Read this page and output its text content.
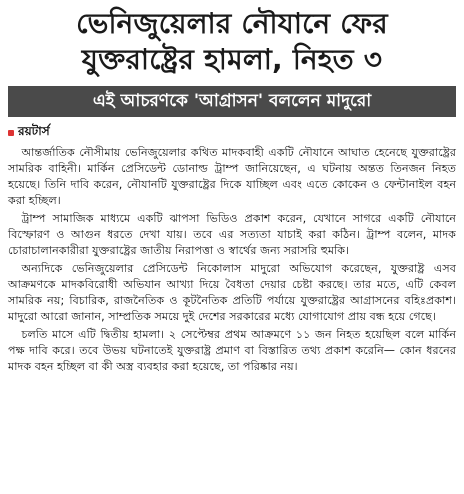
ভেনিজুয়েলার নৌযানে ফের
যুক্তরাষ্ট্রের হামলা, নিহত ৩
এই আচরণকে 'আগ্রাসন' বললেন মাদুরো
রয়টার্স

আন্তর্জাতিক নৌসীমায় ভেনিজুয়েলার কথিত মাদকবাহী একটি নৌযানে আঘাত হেনেছে যুক্তরাষ্ট্রের সামরিক বাহিনী। মার্কিন প্রেসিডেন্ট ডোনাল্ড ট্রাম্প জানিয়েছেন, এ ঘটনায় অন্তত তিনজন নিহত হয়েছে। তিনি দাবি করেন, নৌযানটি যুক্তরাষ্ট্রের দিকে যাচ্ছিল এবং এতে কোকেন ও ফেন্টানাইল বহন করা হচ্ছিল।

ট্রাম্প সামাজিক মাধ্যমে একটি ঝাপসা ভিডিও প্রকাশ করেন, যেখানে সাগরে একটি নৌযানে বিস্ফোরণ ও আগুন ধরতে দেখা যায়। তবে এর সত্যতা যাচাই করা কঠিন। ট্রাম্প বলেন, মাদক চোরাচালানকারীরা যুক্তরাষ্ট্রের জাতীয় নিরাপত্তা ও স্বার্থের জন্য সরাসরি হুমকি।

অন্যদিকে ভেনিজুয়েলার প্রেসিডেন্ট নিকোলাস মাদুরো অভিযোগ করেছেন, যুক্তরাষ্ট্র এসব আক্রমণকে মাদকবিরোধী অভিযান আখ্যা দিয়ে বৈধতা দেয়ার চেষ্টা করছে। তার মতে, এটি কেবল সামরিক নয়; বিচারিক, রাজনৈতিক ও কূটনৈতিক প্রতিটি পর্যায়ে যুক্তরাষ্ট্রের আগ্রাসনের বহিঃপ্রকাশ। মাদুরো আরো জানান, সাম্প্রতিক সময়ে দুই দেশের সরকারের মধ্যে যোগাযোগ প্রায় বন্ধ হয়ে গেছে।

চলতি মাসে এটি দ্বিতীয় হামলা। ২ সেপ্টেম্বর প্রথম আক্রমণে ১১ জন নিহত হয়েছিল বলে মার্কিন পক্ষ দাবি করে। তবে উভয় ঘটনাতেই যুক্তরাষ্ট্র প্রমাণ বা বিস্তারিত তথ্য প্রকাশ করেনি— কোন ধরনের মাদক বহন হচ্ছিল বা কী অস্ত্র ব্যবহার করা হয়েছে, তা পরিষ্কার নয়।
